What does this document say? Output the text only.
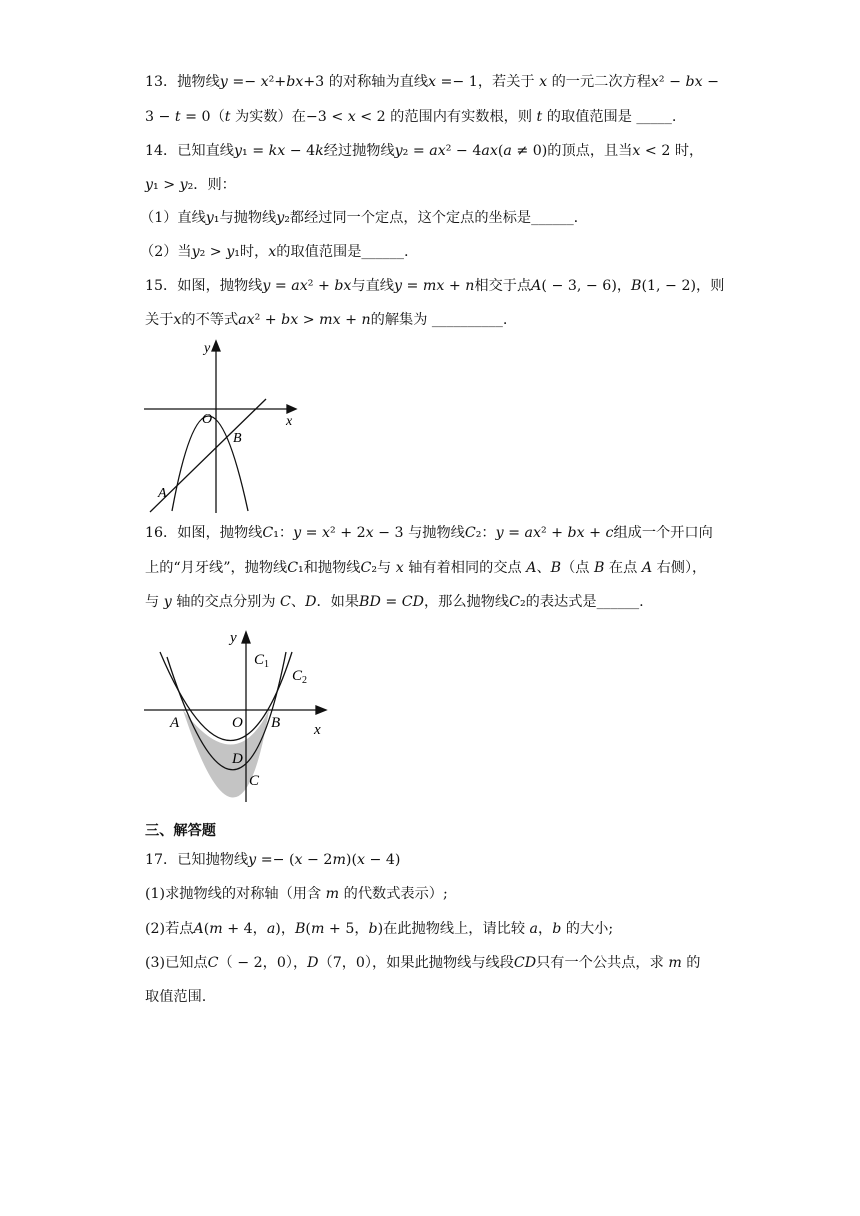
13．抛物线𝑦 =− 𝑥²+𝑏𝑥+3 的对称轴为直线𝑥 =− 1，若关于 𝑥 的一元二次方程𝑥² − 𝑏𝑥 −
3 − 𝑡 = 0（𝑡 为实数）在−3 < 𝑥 < 2 的范围内有实数根，则 𝑡 的取值范围是 _____.
14．已知直线𝑦₁ = 𝑘𝑥 − 4𝑘经过抛物线𝑦₂ = 𝑎𝑥² − 4𝑎𝑥(𝑎 ≠ 0)的顶点，且当𝑥 < 2 时，
𝑦₁ > 𝑦₂．则：
（1）直线𝑦₁与抛物线𝑦₂都经过同一个定点，这个定点的坐标是______.
（2）当𝑦₂ > 𝑦₁时，𝑥的取值范围是______.
15．如图，抛物线𝑦 = 𝑎𝑥² + 𝑏𝑥与直线𝑦 = 𝑚𝑥 + 𝑛相交于点𝐴( − 3, − 6)，𝐵(1, − 2)，则
关于𝑥的不等式𝑎𝑥² + 𝑏𝑥 > 𝑚𝑥 + 𝑛的解集为 __________.
y
x
O
A
B
16．如图，抛物线𝐶₁：𝑦 = 𝑥² + 2𝑥 − 3 与抛物线𝐶₂：𝑦 = 𝑎𝑥² + 𝑏𝑥 + 𝑐组成一个开口向
上的“月牙线”，抛物线𝐶₁和抛物线𝐶₂与 𝑥 轴有着相同的交点 𝐴、𝐵（点 𝐵 在点 𝐴 右侧），
与 𝑦 轴的交点分别为 𝐶、𝐷．如果𝐵𝐷 = 𝐶𝐷，那么抛物线𝐶₂的表达式是______.
y
x
O
A	B
D
C
$C_1$
$C_2$
三、解答题
17．已知抛物线𝑦 =− (𝑥 − 2𝑚)(𝑥 − 4)
(1)求抛物线的对称轴（用含 𝑚 的代数式表示）;
(2)若点𝐴(𝑚 + 4，𝑎)，𝐵(𝑚 + 5，𝑏)在此抛物线上，请比较 𝑎，𝑏 的大小;
(3)已知点𝐶（ − 2，0），𝐷（7，0），如果此抛物线与线段𝐶𝐷只有一个公共点，求 𝑚 的
取值范围.
